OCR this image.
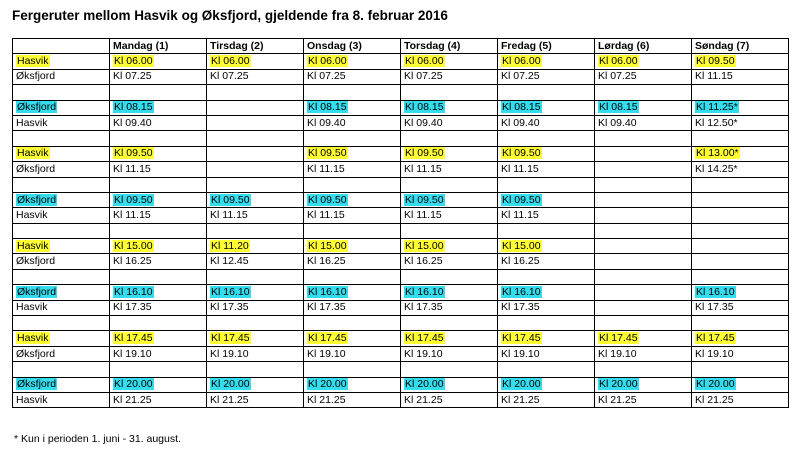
Fergeruter mellom Hasvik og Øksfjord, gjeldende fra 8. februar 2016
	Mandag (1)	Tirsdag (2)	Onsdag (3)	Torsdag (4)	Fredag (5)	Lørdag (6)	Søndag (7)
Hasvik	Kl 06.00	Kl 06.00	Kl 06.00	Kl 06.00	Kl 06.00	Kl 06.00	Kl 09.50
Øksfjord	Kl 07.25	Kl 07.25	Kl 07.25	Kl 07.25	Kl 07.25	Kl 07.25	Kl 11.15

Øksfjord	Kl 08.15		Kl 08.15	Kl 08.15	Kl 08.15	Kl 08.15	Kl 11.25*
Hasvik	Kl 09.40		Kl 09.40	Kl 09.40	Kl 09.40	Kl 09.40	Kl 12.50*

Hasvik	Kl 09.50		Kl 09.50	Kl 09.50	Kl 09.50		Kl 13.00*
Øksfjord	Kl 11.15		Kl 11.15	Kl 11.15	Kl 11.15		Kl 14.25*

Øksfjord	Kl 09.50	Kl 09.50	Kl 09.50	Kl 09.50	Kl 09.50		
Hasvik	Kl 11.15	Kl 11.15	Kl 11.15	Kl 11.15	Kl 11.15		

Hasvik	Kl 15.00	Kl 11.20	Kl 15.00	Kl 15.00	Kl 15.00		
Øksfjord	Kl 16.25	Kl 12.45	Kl 16.25	Kl 16.25	Kl 16.25		

Øksfjord	Kl 16.10	Kl 16.10	Kl 16.10	Kl 16.10	Kl 16.10		Kl 16.10
Hasvik	Kl 17.35	Kl 17.35	Kl 17.35	Kl 17.35	Kl 17.35		Kl 17.35

Hasvik	Kl 17.45	Kl 17.45	Kl 17.45	Kl 17.45	Kl 17.45	Kl 17.45	Kl 17.45
Øksfjord	Kl 19.10	Kl 19.10	Kl 19.10	Kl 19.10	Kl 19.10	Kl 19.10	Kl 19.10

Øksfjord	Kl 20.00	Kl 20.00	Kl 20.00	Kl 20.00	Kl 20.00	Kl 20.00	Kl 20.00
Hasvik	Kl 21.25	Kl 21.25	Kl 21.25	Kl 21.25	Kl 21.25	Kl 21.25	Kl 21.25
* Kun i perioden 1. juni - 31. august.
